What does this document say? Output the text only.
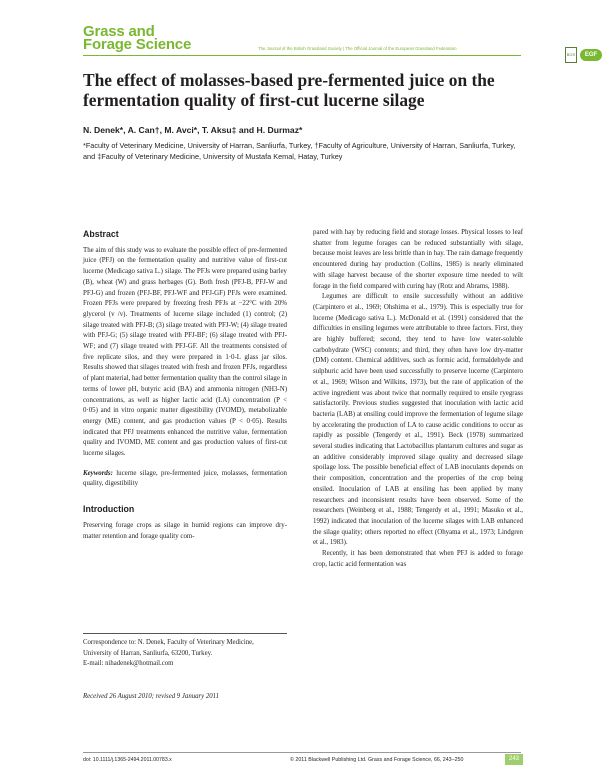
Grass and
Forage Science	The Journal of the British Grassland Society | The Official Journal of the European Grassland Federation
BGS	EGF
The effect of molasses-based pre-fermented juice on the fermentation quality of first-cut lucerne silage

N. Denek*, A. Can†, M. Avci*, T. Aksu‡ and H. Durmaz*

*Faculty of Veterinary Medicine, University of Harran, Sanliurfa, Turkey, †Faculty of Agriculture, University of Harran, Sanliurfa, Turkey, and ‡Faculty of Veterinary Medicine, University of Mustafa Kemal, Hatay, Turkey

Abstract

The aim of this study was to evaluate the possible effect of pre-fermented juice (PFJ) on the fermentation quality and nutritive value of first-cut lucerne (Medicago sativa L.) silage. The PFJs were prepared using barley (B), wheat (W) and grass herbages (G). Both fresh (PFJ-B, PFJ-W and PFJ-G) and frozen (PFJ-BF, PFJ-WF and PFJ-GF) PFJs were examined. Frozen PFJs were prepared by freezing fresh PFJs at −22°C with 20% glycerol (v /v). Treatments of lucerne silage included (1) control; (2) silage treated with PFJ-B; (3) silage treated with PFJ-W; (4) silage treated with PFJ-G; (5) silage treated with PFJ-BF; (6) silage treated with PFJ-WF; and (7) silage treated with PFJ-GF. All the treatments consisted of five replicate silos, and they were prepared in 1·0-L glass jar silos. Results showed that silages treated with fresh and frozen PFJs, regardless of plant material, had better fermentation quality than the control silage in terms of lower pH, butyric acid (BA) and ammonia nitrogen (NH3-N) concentrations, as well as higher lactic acid (LA) concentration (P < 0·05) and in vitro organic matter digestibility (IVOMD), metabolizable energy (ME) content, and gas production values (P < 0·05). Results indicated that PFJ treatments enhanced the nutritive value, fermentation quality and IVOMD, ME content and gas production values of first-cut lucerne silages.

Keywords: lucerne silage, pre-fermented juice, molasses, fermentation quality, digestibility

Introduction

Preserving forage crops as silage in humid regions can improve dry-matter retention and forage quality com-

Correspondence to: N. Denek, Faculty of Veterinary Medicine,

University of Harran, Sanliurfa, 63200, Turkey.

E-mail: nihadenek@hotmail.com

Received 26 August 2010; revised 9 January 2011

pared with hay by reducing field and storage losses. Physical losses to leaf shatter from legume forages can be reduced substantially with silage, because moist leaves are less brittle than in hay. The rain damage frequently encountered during hay production (Collins, 1985) is nearly eliminated with silage harvest because of the shorter exposure time needed to wilt forage in the field compared with curing hay (Rotz and Abrams, 1988).

Legumes are difficult to ensile successfully without an additive (Carpintero et al., 1969; Ohshima et al., 1979). This is especially true for lucerne (Medicago sativa L.). McDonald et al. (1991) considered that the difficulties in ensiling legumes were attributable to three factors. First, they are highly buffered; second, they tend to have low water-soluble carbohydrate (WSC) contents; and third, they often have low dry-matter (DM) content. Chemical additives, such as formic acid, formaldehyde and sulphuric acid have been used successfully to preserve lucerne (Carpintero et al., 1969; Wilson and Wilkins, 1973), but the rate of application of the active ingredient was about twice that normally required to ensile ryegrass satisfactorily. Previous studies suggested that inoculation with lactic acid bacteria (LAB) at ensiling could improve the fermentation of legume silage by accelerating the production of LA to cause acidic conditions to occur as rapidly as possible (Tengerdy et al., 1991). Beck (1978) summarized several studies indicating that Lactobacillus plantarum cultures and sugar as an additive considerably improved silage quality and decreased silage spoilage loss. The possible beneficial effect of LAB inoculants depends on their composition, concentration and the properties of the crop being ensiled. Inoculation of LAB at ensiling has been applied by many researchers and inconsistent results have been observed. Some of the researchers (Weinberg et al., 1988; Tengerdy et al., 1991; Masuko et al., 1992) indicated that inoculation of the lucerne silages with LAB enhanced the silage quality; others reported no effect (Ohyama et al., 1973; Lindgren et al., 1983).

Recently, it has been demonstrated that when PFJ is added to forage crop, lactic acid fermentation was

doi: 10.1111/j.1365-2494.2011.00783.x	© 2011 Blackwell Publishing Ltd. Grass and Forage Science, 66, 243–250	243
